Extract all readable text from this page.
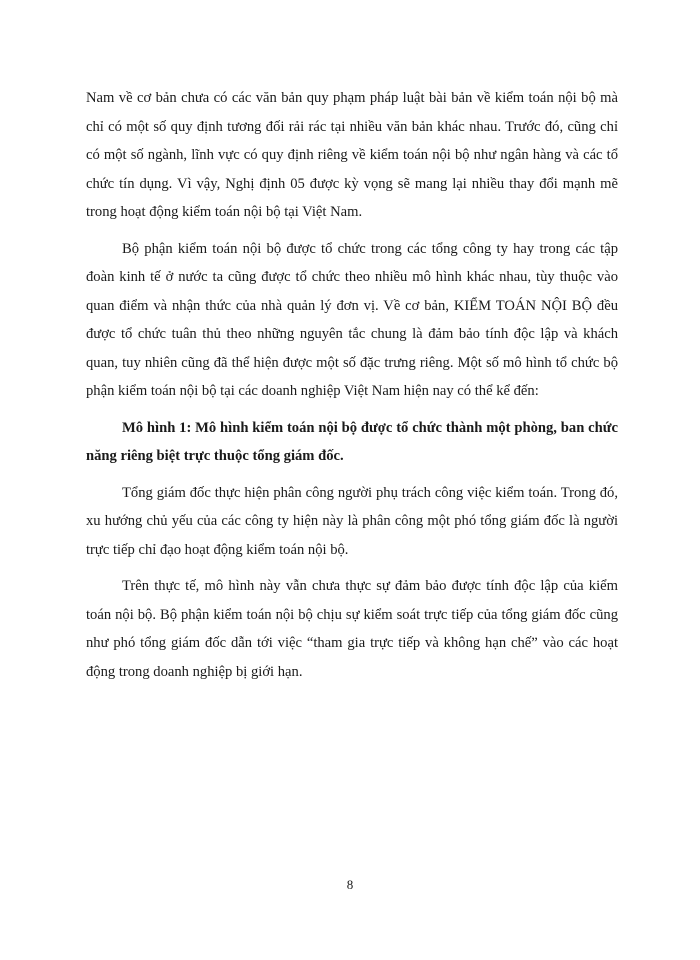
Nam về cơ bản chưa có các văn bản quy phạm pháp luật bài bản về kiểm toán nội bộ mà chỉ có một số quy định tương đối rải rác tại nhiều văn bản khác nhau. Trước đó, cũng chỉ có một số ngành, lĩnh vực có quy định riêng về kiểm toán nội bộ như ngân hàng và các tổ chức tín dụng. Vì vậy, Nghị định 05 được kỳ vọng sẽ mang lại nhiều thay đổi mạnh mẽ trong hoạt động kiểm toán nội bộ tại Việt Nam.

Bộ phận kiểm toán nội bộ được tổ chức trong các tổng công ty hay trong các tập đoàn kinh tế ở nước ta cũng được tổ chức theo nhiều mô hình khác nhau, tùy thuộc vào quan điểm và nhận thức của nhà quản lý đơn vị. Về cơ bản, KIỂM TOÁN NỘI BỘ đều được tổ chức tuân thủ theo những nguyên tắc chung là đảm bảo tính độc lập và khách quan, tuy nhiên cũng đã thể hiện được một số đặc trưng riêng. Một số mô hình tổ chức bộ phận kiểm toán nội bộ tại các doanh nghiệp Việt Nam hiện nay có thể kể đến:

Mô hình 1: Mô hình kiểm toán nội bộ được tổ chức thành một phòng, ban chức năng riêng biệt trực thuộc tổng giám đốc.

Tổng giám đốc thực hiện phân công người phụ trách công việc kiểm toán. Trong đó, xu hướng chủ yếu của các công ty hiện này là phân công một phó tổng giám đốc là người trực tiếp chỉ đạo hoạt động kiểm toán nội bộ.

Trên thực tế, mô hình này vẫn chưa thực sự đảm bảo được tính độc lập của kiểm toán nội bộ. Bộ phận kiểm toán nội bộ chịu sự kiểm soát trực tiếp của tổng giám đốc cũng như phó tổng giám đốc dẫn tới việc “tham gia trực tiếp và không hạn chế” vào các hoạt động trong doanh nghiệp bị giới hạn.

8
